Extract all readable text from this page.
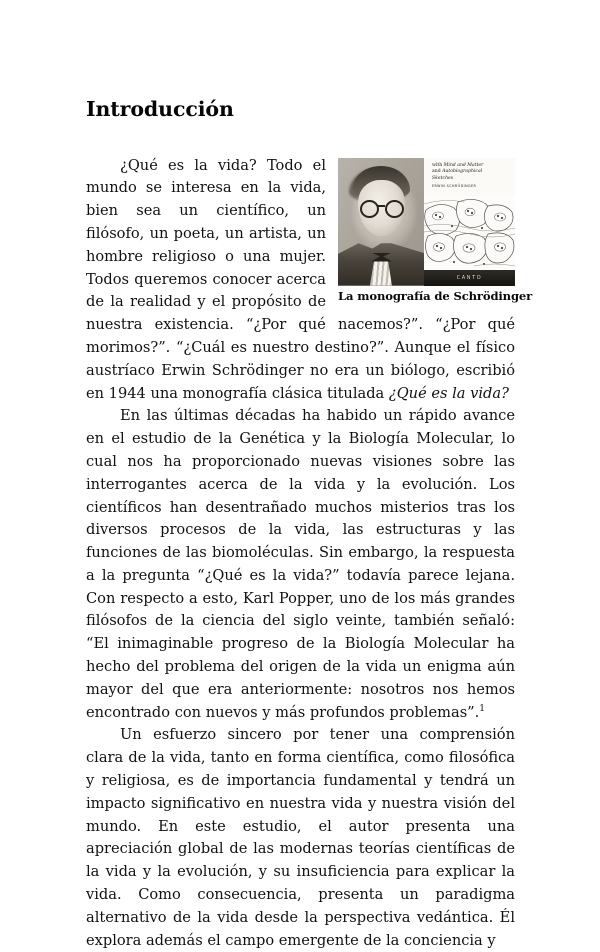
Introducción
with Mind and Matter
and Autobiographical
Sketches
ERWIN SCHRÖDINGER
CANTO
La monografía de Schrödinger

¿Qué es la vida? Todo el mundo se interesa en la vida, bien sea un científico, un filósofo, un poeta, un artista, un hombre religioso o una mujer. Todos queremos conocer acerca de la realidad y el propósito de nuestra existencia. “¿Por qué nacemos?”. “¿Por qué morimos?”. “¿Cuál es nuestro destino?”. Aunque el físico austríaco Erwin Schrödinger no era un biólogo, escribió en 1944 una monografía clásica titulada ¿Qué es la vida?

En las últimas décadas ha habido un rápido avance en el estudio de la Genética y la Biología Molecular, lo cual nos ha proporcionado nuevas visiones sobre las interrogantes acerca de la vida y la evolución. Los científicos han desentrañado muchos misterios tras los diversos procesos de la vida, las estructuras y las funciones de las biomoléculas. Sin embargo, la respuesta a la pregunta “¿Qué es la vida?” todavía parece lejana. Con respecto a esto, Karl Popper, uno de los más grandes filósofos de la ciencia del siglo veinte, también señaló: “El inimaginable progreso de la Biología Molecular ha hecho del problema del origen de la vida un enigma aún mayor del que era anteriormente: nosotros nos hemos encontrado con nuevos y más profundos problemas”.$^1$

Un esfuerzo sincero por tener una comprensión clara de la vida, tanto en forma científica, como filosófica y religiosa, es de importancia fundamental y tendrá un impacto significativo en nuestra vida y nuestra visión del mundo. En este estudio, el autor presenta una apreciación global de las modernas teorías científicas de la vida y la evolución, y su insuficiencia para explicar la vida. Como consecuencia, presenta un paradigma alternativo de la vida desde la perspectiva vedántica. Él explora además el campo emergente de la conciencia y
